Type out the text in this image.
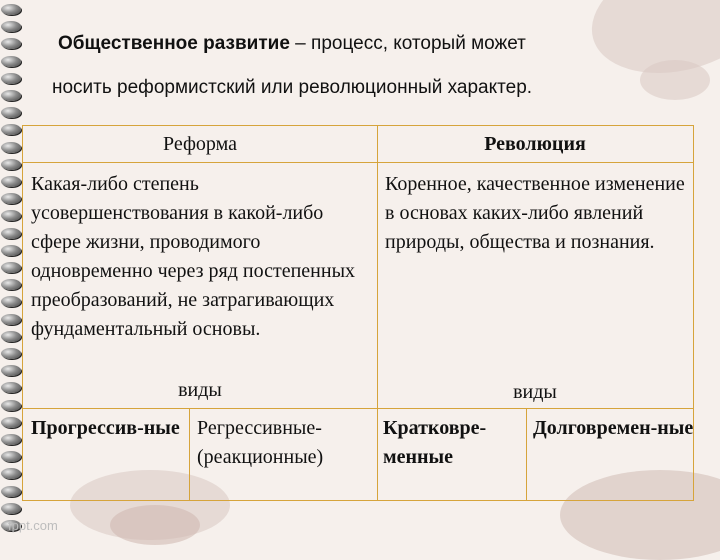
Общественное развитие – процесс, который может
носить реформистский или революционный характер.
Реформа	Революция
Какая-либо степень усовершенствования в какой-либо сфере жизни, проводимого одновременно через ряд постепенных преобразований, не затрагивающих фундаментальный основы.
Коренное, качественное изменение в основах каких-либо явлений природы, общества и познания.
виды	виды
Прогрессив-ные Регрессивные-(реакционные)
Кратковре-менные
Долговремен-ные
fppt.com
